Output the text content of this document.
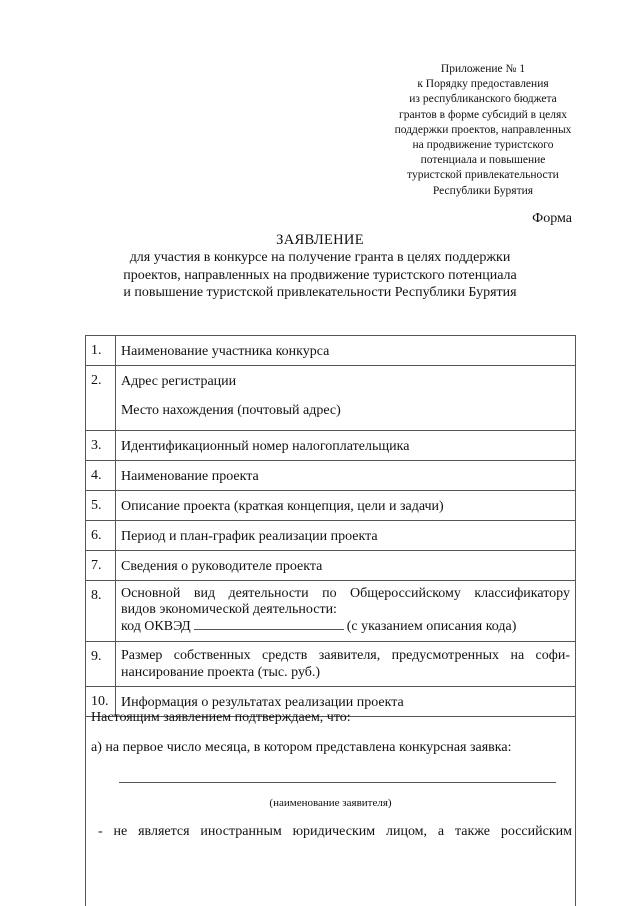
Приложение № 1
к Порядку предоставления
из республиканского бюджета
грантов в форме субсидий в целях
поддержки проектов, направленных
на продвижение туристского
потенциала и повышение
туристской привлекательности
Республики Бурятия
Форма
ЗАЯВЛЕНИЕ
для участия в конкурсе на получение гранта в целях поддержки
проектов, направленных на продвижение туристского потенциала
и повышение туристской привлекательности Республики Бурятия
1.	Наименование участника конкурса
2.	Адрес регистрации
Место нахождения (почтовый адрес)
3.	Идентификационный номер налогоплательщика
4.	Наименование проекта
5.	Описание проекта (краткая концепция, цели и задачи)
6.	Период и план-график реализации проекта
7.	Сведения о руководителе проекта
8.	Основной вид деятельности по Общероссийскому классификатору
видов экономической деятельности:
код ОКВЭД	(с указанием описания кода)
9.	Размер собственных средств заявителя, предусмотренных на софи-
нансирование проекта (тыс. руб.)
10. Информация о результатах реализации проекта
Настоящим заявлением подтверждаем, что:
а) на первое число месяца, в котором представлена конкурсная заявка:
(наименование заявителя)
- не является иностранным юридическим лицом, а также российским
